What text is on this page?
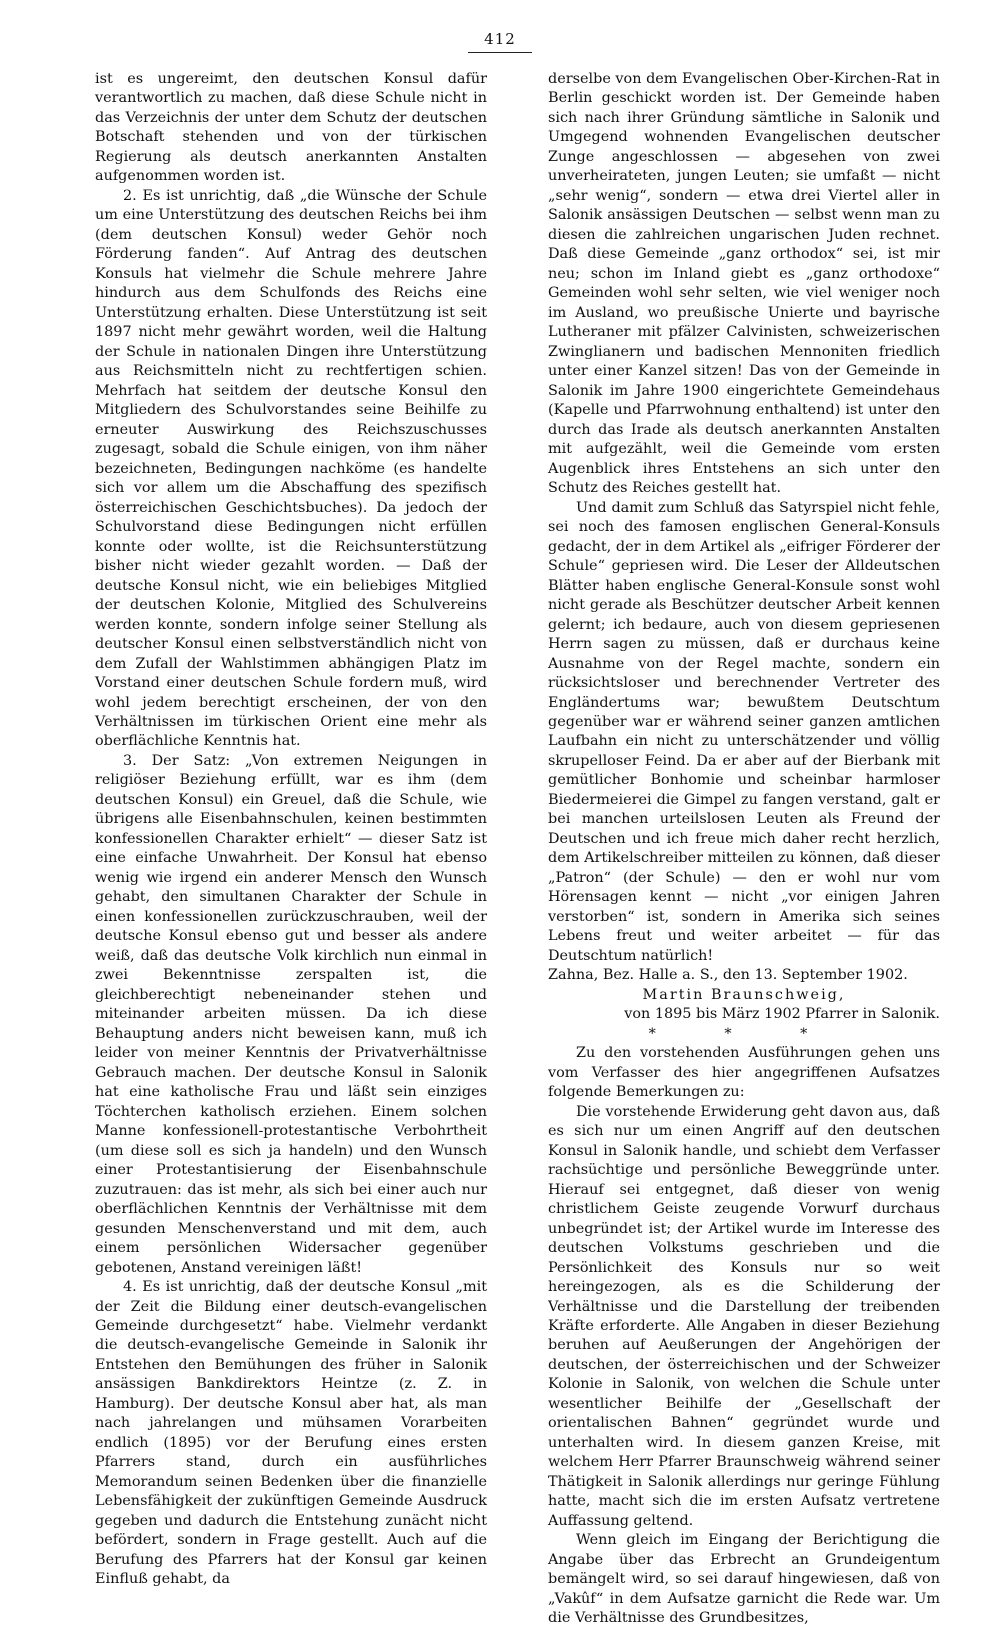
412

ist es ungereimt, den deutschen Konsul dafür verantwortlich zu machen, daß diese Schule nicht in das Verzeichnis der unter dem Schutz der deutschen Botschaft stehenden und von der türkischen Regierung als deutsch anerkannten Anstalten aufgenommen worden ist.

2. Es ist unrichtig, daß „die Wünsche der Schule um eine Unterstützung des deutschen Reichs bei ihm (dem deutschen Konsul) weder Gehör noch Förderung fanden“. Auf Antrag des deutschen Konsuls hat vielmehr die Schule mehrere Jahre hindurch aus dem Schulfonds des Reichs eine Unterstützung erhalten. Diese Unterstützung ist seit 1897 nicht mehr gewährt worden, weil die Haltung der Schule in nationalen Dingen ihre Unterstützung aus Reichsmitteln nicht zu rechtfertigen schien. Mehrfach hat seitdem der deutsche Konsul den Mitgliedern des Schulvorstandes seine Beihilfe zu erneuter Auswirkung des Reichszuschusses zugesagt, sobald die Schule einigen, von ihm näher bezeichneten, Bedingungen nachköme (es handelte sich vor allem um die Abschaffung des spezifisch österreichischen Geschichtsbuches). Da jedoch der Schulvorstand diese Bedingungen nicht erfüllen konnte oder wollte, ist die Reichsunterstützung bisher nicht wieder gezahlt worden. — Daß der deutsche Konsul nicht, wie ein beliebiges Mitglied der deutschen Kolonie, Mitglied des Schulvereins werden konnte, sondern infolge seiner Stellung als deutscher Konsul einen selbstverständlich nicht von dem Zufall der Wahlstimmen abhängigen Platz im Vorstand einer deutschen Schule fordern muß, wird wohl jedem berechtigt erscheinen, der von den Verhältnissen im türkischen Orient eine mehr als oberflächliche Kenntnis hat.

3. Der Satz: „Von extremen Neigungen in religiöser Beziehung erfüllt, war es ihm (dem deutschen Konsul) ein Greuel, daß die Schule, wie übrigens alle Eisenbahnschulen, keinen bestimmten konfessionellen Charakter erhielt“ — dieser Satz ist eine einfache Unwahrheit. Der Konsul hat ebenso wenig wie irgend ein anderer Mensch den Wunsch gehabt, den simultanen Charakter der Schule in einen konfessionellen zurückzuschrauben, weil der deutsche Konsul ebenso gut und besser als andere weiß, daß das deutsche Volk kirchlich nun einmal in zwei Bekenntnisse zerspalten ist, die gleichberechtigt nebeneinander stehen und miteinander arbeiten müssen. Da ich diese Behauptung anders nicht beweisen kann, muß ich leider von meiner Kenntnis der Privatverhältnisse Gebrauch machen. Der deutsche Konsul in Salonik hat eine katholische Frau und läßt sein einziges Töchterchen katholisch erziehen. Einem solchen Manne konfessionell-protestantische Verbohrtheit (um diese soll es sich ja handeln) und den Wunsch einer Protestantisierung der Eisenbahnschule zuzutrauen: das ist mehr, als sich bei einer auch nur oberflächlichen Kenntnis der Verhältnisse mit dem gesunden Menschenverstand und mit dem, auch einem persönlichen Widersacher gegenüber gebotenen, Anstand vereinigen läßt!

4. Es ist unrichtig, daß der deutsche Konsul „mit der Zeit die Bildung einer deutsch-evangelischen Gemeinde durchgesetzt“ habe. Vielmehr verdankt die deutsch-evangelische Gemeinde in Salonik ihr Entstehen den Bemühungen des früher in Salonik ansässigen Bankdirektors Heintze (z. Z. in Hamburg). Der deutsche Konsul aber hat, als man nach jahrelangen und mühsamen Vorarbeiten endlich (1895) vor der Berufung eines ersten Pfarrers stand, durch ein ausführliches Memorandum seinen Bedenken über die finanzielle Lebensfähigkeit der zukünftigen Gemeinde Ausdruck gegeben und dadurch die Entstehung zunächt nicht befördert, sondern in Frage gestellt. Auch auf die Berufung des Pfarrers hat der Konsul gar keinen Einfluß gehabt, da

derselbe von dem Evangelischen Ober-Kirchen-Rat in Berlin geschickt worden ist. Der Gemeinde haben sich nach ihrer Gründung sämtliche in Salonik und Umgegend wohnenden Evangelischen deutscher Zunge angeschlossen — abgesehen von zwei unverheirateten, jungen Leuten; sie umfaßt — nicht „sehr wenig“, sondern — etwa drei Viertel aller in Salonik ansässigen Deutschen — selbst wenn man zu diesen die zahlreichen ungarischen Juden rechnet. Daß diese Gemeinde „ganz orthodox“ sei, ist mir neu; schon im Inland giebt es „ganz orthodoxe“ Gemeinden wohl sehr selten, wie viel weniger noch im Ausland, wo preußische Unierte und bayrische Lutheraner mit pfälzer Calvinisten, schweizerischen Zwinglianern und badischen Mennoniten friedlich unter einer Kanzel sitzen! Das von der Gemeinde in Salonik im Jahre 1900 eingerichtete Gemeindehaus (Kapelle und Pfarrwohnung enthaltend) ist unter den durch das Irade als deutsch anerkannten Anstalten mit aufgezählt, weil die Gemeinde vom ersten Augenblick ihres Entstehens an sich unter den Schutz des Reiches gestellt hat.

Und damit zum Schluß das Satyrspiel nicht fehle, sei noch des famosen englischen General-Konsuls gedacht, der in dem Artikel als „eifriger Förderer der Schule“ gepriesen wird. Die Leser der Alldeutschen Blätter haben englische General-Konsule sonst wohl nicht gerade als Beschützer deutscher Arbeit kennen gelernt; ich bedaure, auch von diesem gepriesenen Herrn sagen zu müssen, daß er durchaus keine Ausnahme von der Regel machte, sondern ein rücksichtsloser und berechnender Vertreter des Engländertums war; bewußtem Deutschtum gegenüber war er während seiner ganzen amtlichen Laufbahn ein nicht zu unterschätzender und völlig skrupelloser Feind. Da er aber auf der Bierbank mit gemütlicher Bonhomie und scheinbar harmloser Biedermeierei die Gimpel zu fangen verstand, galt er bei manchen urteilslosen Leuten als Freund der Deutschen und ich freue mich daher recht herzlich, dem Artikelschreiber mitteilen zu können, daß dieser „Patron“ (der Schule) — den er wohl nur vom Hörensagen kennt — nicht „vor einigen Jahren verstorben“ ist, sondern in Amerika sich seines Lebens freut und weiter arbeitet — für das Deutschtum natürlich!

Zahna, Bez. Halle a. S., den 13. September 1902.

Martin Braunschweig,

von 1895 bis März 1902 Pfarrer in Salonik.

* * *

Zu den vorstehenden Ausführungen gehen uns vom Verfasser des hier angegriffenen Aufsatzes folgende Bemerkungen zu:

Die vorstehende Erwiderung geht davon aus, daß es sich nur um einen Angriff auf den deutschen Konsul in Salonik handle, und schiebt dem Verfasser rachsüchtige und persönliche Beweggründe unter. Hierauf sei entgegnet, daß dieser von wenig christlichem Geiste zeugende Vorwurf durchaus unbegründet ist; der Artikel wurde im Interesse des deutschen Volkstums geschrieben und die Persönlichkeit des Konsuls nur so weit hereingezogen, als es die Schilderung der Verhältnisse und die Darstellung der treibenden Kräfte erforderte. Alle Angaben in dieser Beziehung beruhen auf Aeußerungen der Angehörigen der deutschen, der österreichischen und der Schweizer Kolonie in Salonik, von welchen die Schule unter wesentlicher Beihilfe der „Gesellschaft der orientalischen Bahnen“ gegründet wurde und unterhalten wird. In diesem ganzen Kreise, mit welchem Herr Pfarrer Braunschweig während seiner Thätigkeit in Salonik allerdings nur geringe Fühlung hatte, macht sich die im ersten Aufsatz vertretene Auffassung geltend.

Wenn gleich im Eingang der Berichtigung die Angabe über das Erbrecht an Grundeigentum bemängelt wird, so sei darauf hingewiesen, daß von „Vakûf“ in dem Aufsatze garnicht die Rede war. Um die Verhältnisse des Grundbesitzes,
